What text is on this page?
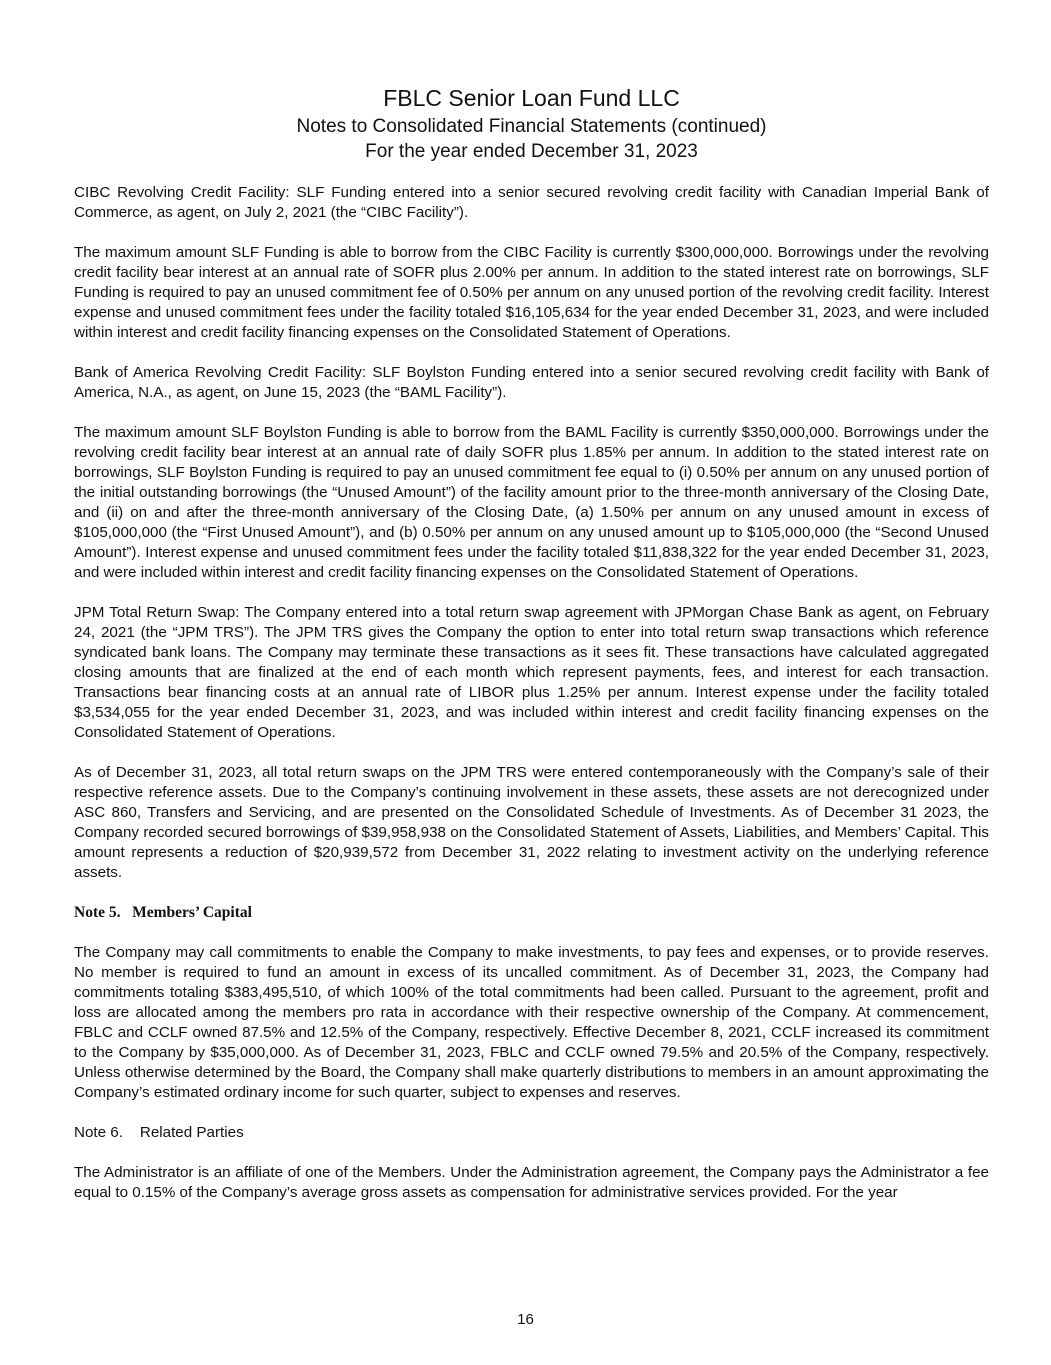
FBLC Senior Loan Fund LLC
Notes to Consolidated Financial Statements (continued)
For the year ended December 31, 2023

CIBC Revolving Credit Facility: SLF Funding entered into a senior secured revolving credit facility with Canadian Imperial Bank of Commerce, as agent, on July 2, 2021 (the “CIBC Facility”).

The maximum amount SLF Funding is able to borrow from the CIBC Facility is currently $300,000,000. Borrowings under the revolving credit facility bear interest at an annual rate of SOFR plus 2.00% per annum. In addition to the stated interest rate on borrowings, SLF Funding is required to pay an unused commitment fee of 0.50% per annum on any unused portion of the revolving credit facility. Interest expense and unused commitment fees under the facility totaled $16,105,634 for the year ended December 31, 2023, and were included within interest and credit facility financing expenses on the Consolidated Statement of Operations.

Bank of America Revolving Credit Facility: SLF Boylston Funding entered into a senior secured revolving credit facility with Bank of America, N.A., as agent, on June 15, 2023 (the “BAML Facility”).

The maximum amount SLF Boylston Funding is able to borrow from the BAML Facility is currently $350,000,000. Borrowings under the revolving credit facility bear interest at an annual rate of daily SOFR plus 1.85% per annum. In addition to the stated interest rate on borrowings, SLF Boylston Funding is required to pay an unused commitment fee equal to (i) 0.50% per annum on any unused portion of the initial outstanding borrowings (the “Unused Amount”) of the facility amount prior to the three-month anniversary of the Closing Date, and (ii) on and after the three-month anniversary of the Closing Date, (a) 1.50% per annum on any unused amount in excess of $105,000,000 (the “First Unused Amount”), and (b) 0.50% per annum on any unused amount up to $105,000,000 (the “Second Unused Amount”). Interest expense and unused commitment fees under the facility totaled $11,838,322 for the year ended December 31, 2023, and were included within interest and credit facility financing expenses on the Consolidated Statement of Operations.

JPM Total Return Swap: The Company entered into a total return swap agreement with JPMorgan Chase Bank as agent, on February 24, 2021 (the “JPM TRS”). The JPM TRS gives the Company the option to enter into total return swap transactions which reference syndicated bank loans. The Company may terminate these transactions as it sees fit. These transactions have calculated aggregated closing amounts that are finalized at the end of each month which represent payments, fees, and interest for each transaction. Transactions bear financing costs at an annual rate of LIBOR plus 1.25% per annum. Interest expense under the facility totaled $3,534,055 for the year ended December 31, 2023, and was included within interest and credit facility financing expenses on the Consolidated Statement of Operations.

As of December 31, 2023, all total return swaps on the JPM TRS were entered contemporaneously with the Company’s sale of their respective reference assets. Due to the Company’s continuing involvement in these assets, these assets are not derecognized under ASC 860, Transfers and Servicing, and are presented on the Consolidated Schedule of Investments. As of December 31 2023, the Company recorded secured borrowings of $39,958,938 on the Consolidated Statement of Assets, Liabilities, and Members’ Capital. This amount represents a reduction of $20,939,572 from December 31, 2022 relating to investment activity on the underlying reference assets.

Note 5.   Members’ Capital

The Company may call commitments to enable the Company to make investments, to pay fees and expenses, or to provide reserves. No member is required to fund an amount in excess of its uncalled commitment. As of December 31, 2023, the Company had commitments totaling $383,495,510, of which 100% of the total commitments had been called. Pursuant to the agreement, profit and loss are allocated among the members pro rata in accordance with their respective ownership of the Company. At commencement, FBLC and CCLF owned 87.5% and 12.5% of the Company, respectively. Effective December 8, 2021, CCLF increased its commitment to the Company by $35,000,000. As of December 31, 2023, FBLC and CCLF owned 79.5% and 20.5% of the Company, respectively. Unless otherwise determined by the Board, the Company shall make quarterly distributions to members in an amount approximating the Company’s estimated ordinary income for such quarter, subject to expenses and reserves.

Note 6.    Related Parties

The Administrator is an affiliate of one of the Members. Under the Administration agreement, the Company pays the Administrator a fee equal to 0.15% of the Company’s average gross assets as compensation for administrative services provided. For the year

16
